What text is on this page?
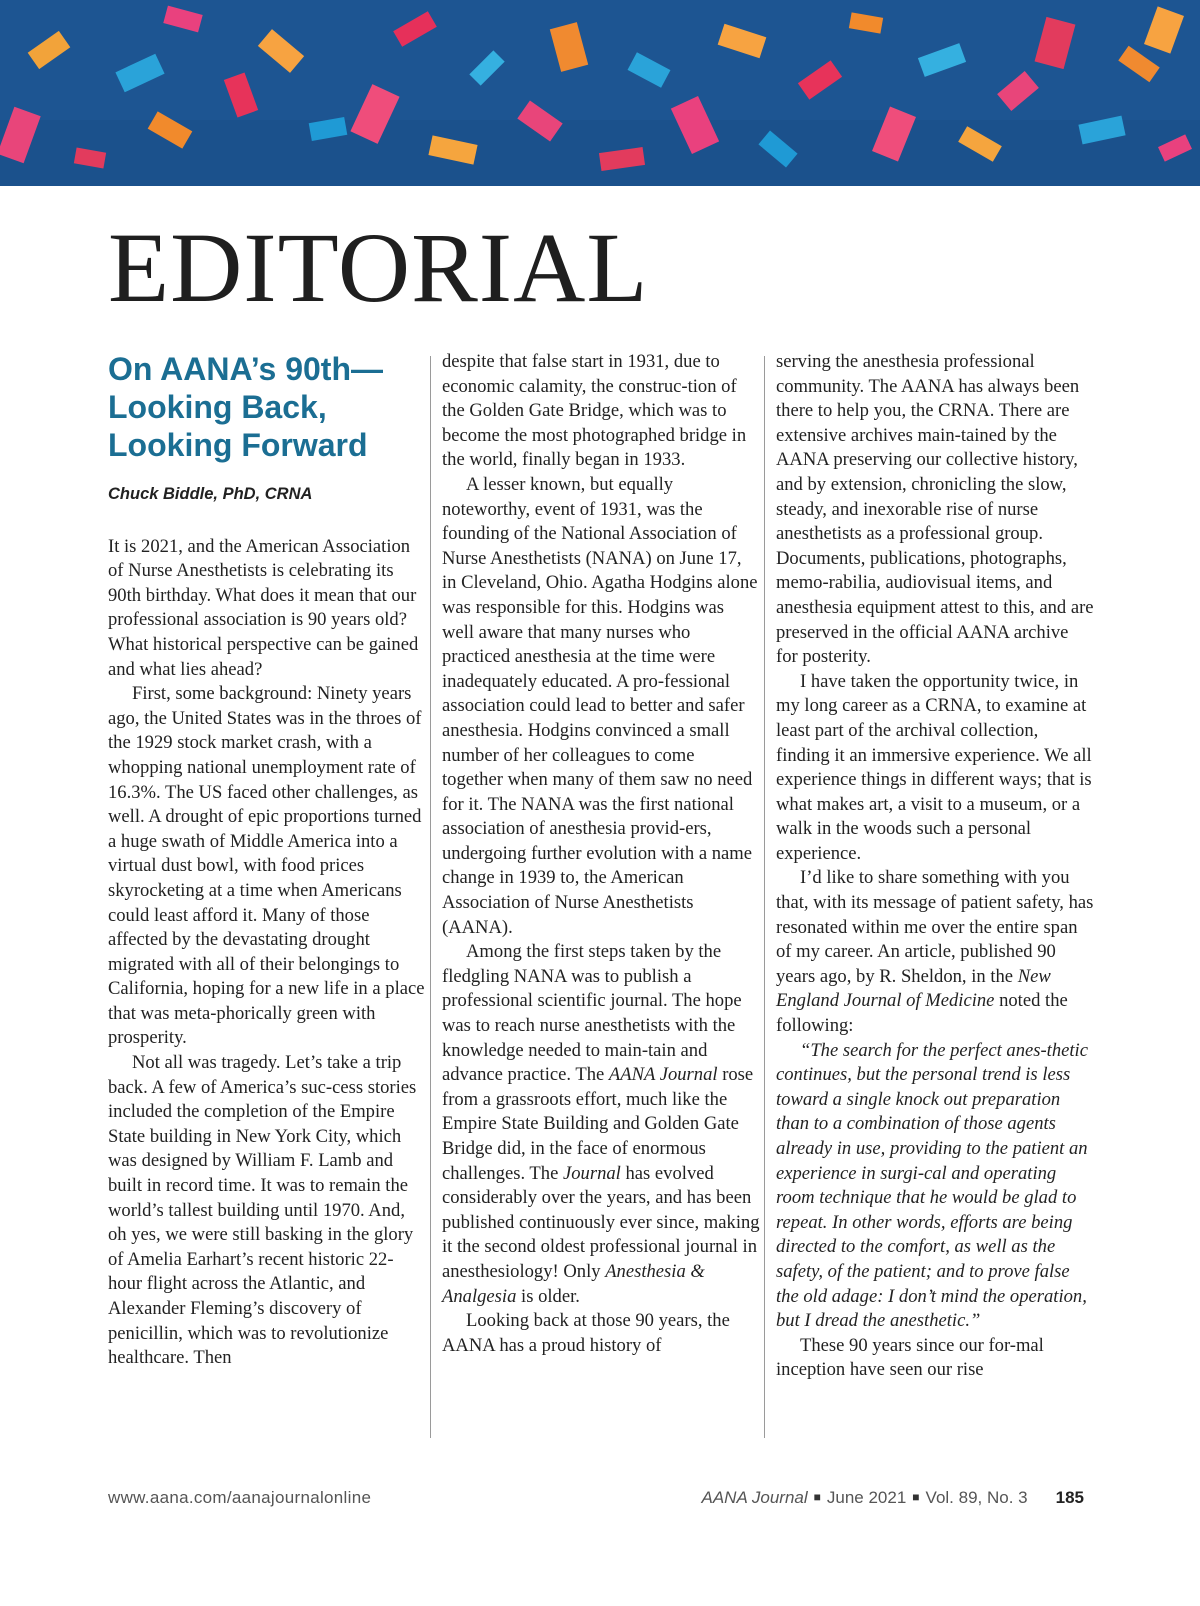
EDITORIAL
On AANA’s 90th— Looking Back, Looking Forward
Chuck Biddle, PhD, CRNA

It is 2021, and the American Association of Nurse Anesthetists is celebrating its 90th birthday. What does it mean that our professional association is 90 years old? What historical perspective can be gained and what lies ahead?

First, some background: Ninety years ago, the United States was in the throes of the 1929 stock market crash, with a whopping national unemployment rate of 16.3%. The US faced other challenges, as well. A drought of epic proportions turned a huge swath of Middle America into a virtual dust bowl, with food prices skyrocketing at a time when Americans could least afford it. Many of those affected by the devastating drought migrated with all of their belongings to California, hoping for a new life in a place that was meta-phorically green with prosperity.

Not all was tragedy. Let’s take a trip back. A few of America’s suc-cess stories included the completion of the Empire State building in New York City, which was designed by William F. Lamb and built in record time. It was to remain the world’s tallest building until 1970. And, oh yes, we were still basking in the glory of Amelia Earhart’s recent historic 22-hour flight across the Atlantic, and Alexander Fleming’s discovery of penicillin, which was to revolutionize healthcare. Then

despite that false start in 1931, due to economic calamity, the construc-tion of the Golden Gate Bridge, which was to become the most photographed bridge in the world, finally began in 1933.

A lesser known, but equally noteworthy, event of 1931, was the founding of the National Association of Nurse Anesthetists (NANA) on June 17, in Cleveland, Ohio. Agatha Hodgins alone was responsible for this. Hodgins was well aware that many nurses who practiced anesthesia at the time were inadequately educated. A pro-fessional association could lead to better and safer anesthesia. Hodgins convinced a small number of her colleagues to come together when many of them saw no need for it. The NANA was the first national association of anesthesia provid-ers, undergoing further evolution with a name change in 1939 to, the American Association of Nurse Anesthetists (AANA).

Among the first steps taken by the fledgling NANA was to publish a professional scientific journal. The hope was to reach nurse anesthetists with the knowledge needed to main-tain and advance practice. The AANA Journal rose from a grassroots effort, much like the Empire State Building and Golden Gate Bridge did, in the face of enormous challenges. The Journal has evolved considerably over the years, and has been published continuously ever since, making it the second oldest professional journal in anesthesiology! Only Anesthesia & Analgesia is older.

Looking back at those 90 years, the AANA has a proud history of

serving the anesthesia professional community. The AANA has always been there to help you, the CRNA. There are extensive archives main-tained by the AANA preserving our collective history, and by extension, chronicling the slow, steady, and inexorable rise of nurse anesthetists as a professional group. Documents, publications, photographs, memo-rabilia, audiovisual items, and anesthesia equipment attest to this, and are preserved in the official AANA archive for posterity.

I have taken the opportunity twice, in my long career as a CRNA, to examine at least part of the archival collection, finding it an immersive experience. We all experience things in different ways; that is what makes art, a visit to a museum, or a walk in the woods such a personal experience.

I’d like to share something with you that, with its message of patient safety, has resonated within me over the entire span of my career. An article, published 90 years ago, by R. Sheldon, in the New England Journal of Medicine noted the following:

“The search for the perfect anes-thetic continues, but the personal trend is less toward a single knock out preparation than to a combination of those agents already in use, providing to the patient an experience in surgi-cal and operating room technique that he would be glad to repeat. In other words, efforts are being directed to the comfort, as well as the safety, of the patient; and to prove false the old adage: I don’t mind the operation, but I dread the anesthetic.”

These 90 years since our for-mal inception have seen our rise

www.aana.com/aanajournalonline	AANA Journal ■ June 2021 ■ Vol. 89, No. 3 185
